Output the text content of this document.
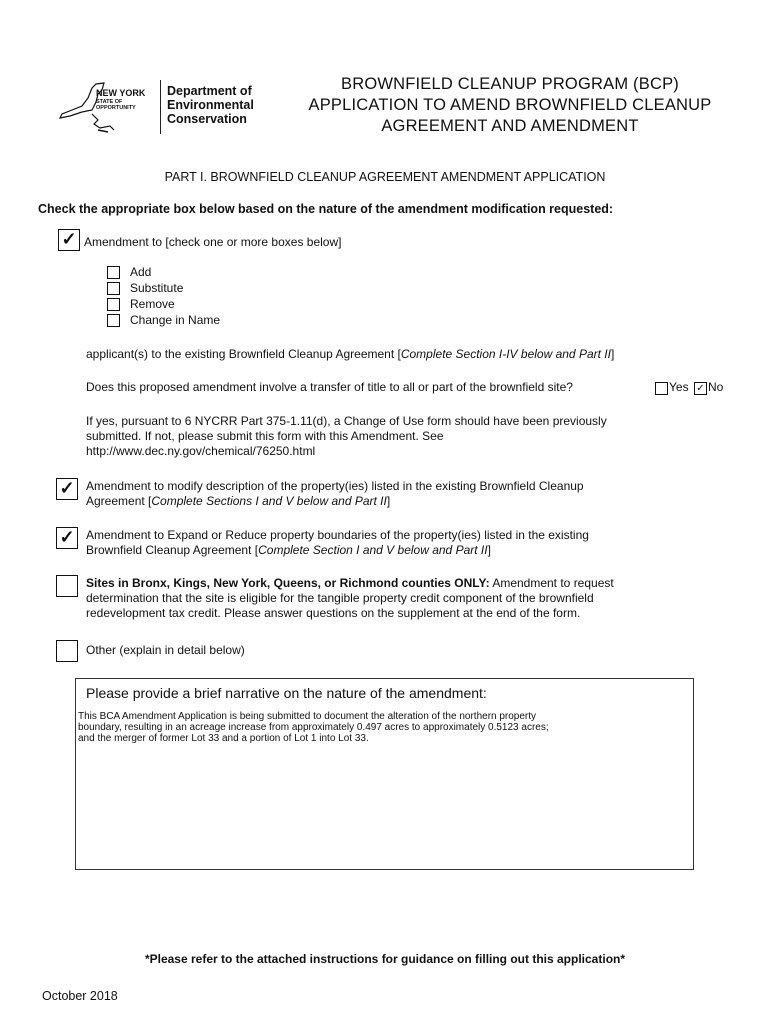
NEW YORK
STATE OF
OPPORTUNITY
Department of
Environmental
Conservation
BROWNFIELD CLEANUP PROGRAM (BCP)
APPLICATION TO AMEND BROWNFIELD CLEANUP
AGREEMENT AND AMENDMENT
PART I. BROWNFIELD CLEANUP AGREEMENT AMENDMENT APPLICATION
Check the appropriate box below based on the nature of the amendment modification requested:
✓ Amendment to [check one or more boxes below]
Add
Substitute
Remove
Change in Name
applicant(s) to the existing Brownfield Cleanup Agreement [Complete Section I-IV below and Part II]
Does this proposed amendment involve a transfer of title to all or part of the brownfield site?	Yes ✓ No
If yes, pursuant to 6 NYCRR Part 375-1.11(d), a Change of Use form should have been previously
submitted. If not, please submit this form with this Amendment. See
http://www.dec.ny.gov/chemical/76250.html
✓ Amendment to modify description of the property(ies) listed in the existing Brownfield Cleanup
Agreement [Complete Sections I and V below and Part II]
✓ Amendment to Expand or Reduce property boundaries of the property(ies) listed in the existing
Brownfield Cleanup Agreement [Complete Section I and V below and Part II]
Sites in Bronx, Kings, New York, Queens, or Richmond counties ONLY: Amendment to request
determination that the site is eligible for the tangible property credit component of the brownfield
redevelopment tax credit. Please answer questions on the supplement at the end of the form.
Other (explain in detail below)
Please provide a brief narrative on the nature of the amendment:
This BCA Amendment Application is being submitted to document the alteration of the northern property
boundary, resulting in an acreage increase from approximately 0.497 acres to approximately 0.5123 acres;
and the merger of former Lot 33 and a portion of Lot 1 into Lot 33.
*Please refer to the attached instructions for guidance on filling out this application*
October 2018
